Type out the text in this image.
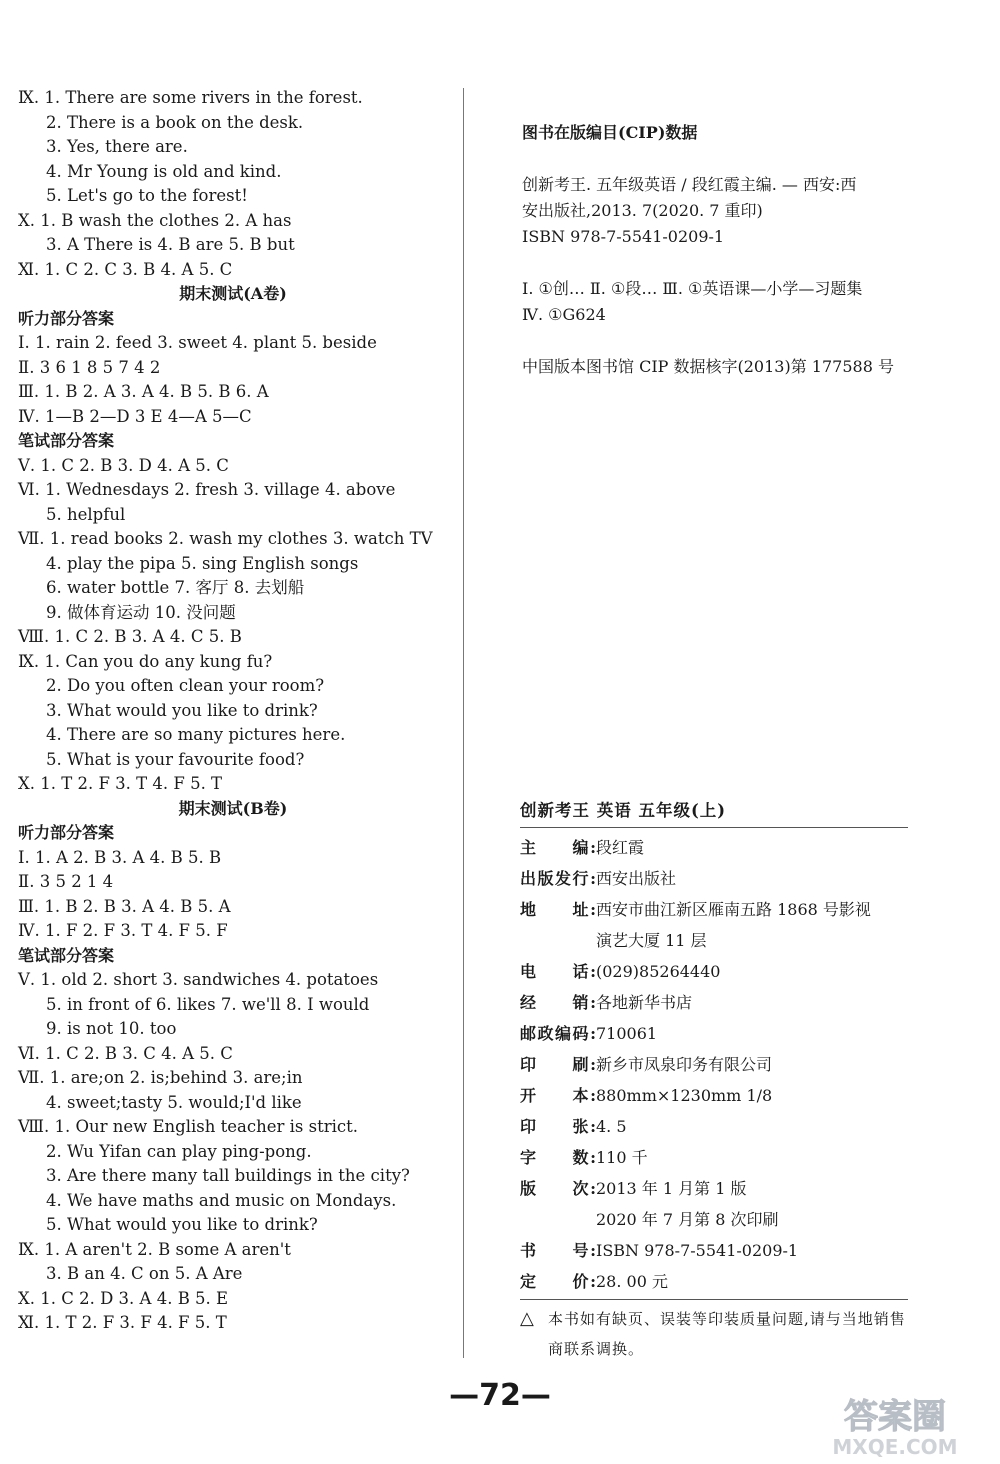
Ⅸ. 1. There are some rivers in the forest.
2. There is a book on the desk.
3. Yes, there are.
4. Mr Young is old and kind.
5. Let's go to the forest!
Ⅹ. 1. B wash the clothes 2. A has
3. A There is 4. B are 5. B but
Ⅺ. 1. C 2. C 3. B 4. A 5. C
期末测试(A卷)
听力部分答案
Ⅰ. 1. rain 2. feed 3. sweet 4. plant 5. beside
Ⅱ. 3 6 1 8 5 7 4 2
Ⅲ. 1. B 2. A 3. A 4. B 5. B 6. A
Ⅳ. 1—B 2—D 3 E 4—A 5—C
笔试部分答案
Ⅴ. 1. C 2. B 3. D 4. A 5. C
Ⅵ. 1. Wednesdays 2. fresh 3. village 4. above
5. helpful
Ⅶ. 1. read books 2. wash my clothes 3. watch TV
4. play the pipa 5. sing English songs
6. water bottle 7. 客厅 8. 去划船
9. 做体育运动 10. 没问题
Ⅷ. 1. C 2. B 3. A 4. C 5. B
Ⅸ. 1. Can you do any kung fu?
2. Do you often clean your room?
3. What would you like to drink?
4. There are so many pictures here.
5. What is your favourite food?
Ⅹ. 1. T 2. F 3. T 4. F 5. T
期末测试(B卷)
听力部分答案
Ⅰ. 1. A 2. B 3. A 4. B 5. B
Ⅱ. 3 5 2 1 4
Ⅲ. 1. B 2. B 3. A 4. B 5. A
Ⅳ. 1. F 2. F 3. T 4. F 5. F
笔试部分答案
Ⅴ. 1. old 2. short 3. sandwiches 4. potatoes
5. in front of 6. likes 7. we'll 8. I would
9. is not 10. too
Ⅵ. 1. C 2. B 3. C 4. A 5. C
Ⅶ. 1. are;on 2. is;behind 3. are;in
4. sweet;tasty 5. would;I'd like
Ⅷ. 1. Our new English teacher is strict.
2. Wu Yifan can play ping-pong.
3. Are there many tall buildings in the city?
4. We have maths and music on Mondays.
5. What would you like to drink?
Ⅸ. 1. A aren't 2. B some A aren't
3. B an 4. C on 5. A Are
Ⅹ. 1. C 2. D 3. A 4. B 5. E
Ⅺ. 1. T 2. F 3. F 4. F 5. T

图书在版编目(CIP)数据

创新考王. 五年级英语 / 段红霞主编. — 西安:西

安出版社,2013. 7(2020. 7 重印)

ISBN 978-7-5541-0209-1

Ⅰ. ①创… Ⅱ. ①段… Ⅲ. ①英语课—小学—习题集

Ⅳ. ①G624

中国版本图书馆 CIP 数据核字(2013)第 177588 号

创新考王 英语 五年级(上)
主　　编: 段红霞
出版发行: 西安出版社
地　　址: 西安市曲江新区雁南五路 1868 号影视
演艺大厦 11 层
电　　话: (029)85264440
经　　销: 各地新华书店
邮政编码: 710061
印　　刷: 新乡市凤泉印务有限公司
开　　本: 880mm×1230mm 1/8
印　　张: 4. 5
字　　数: 110 千
版　　次: 2013 年 1 月第 1 版
2020 年 7 月第 8 次印刷
书　　号: ISBN 978-7-5541-0209-1
定　　价: 28. 00 元
△ 本书如有缺页、误装等印装质量问题,请与当地销售商联系调换。
—72—
答案圈
MXQE.COM
